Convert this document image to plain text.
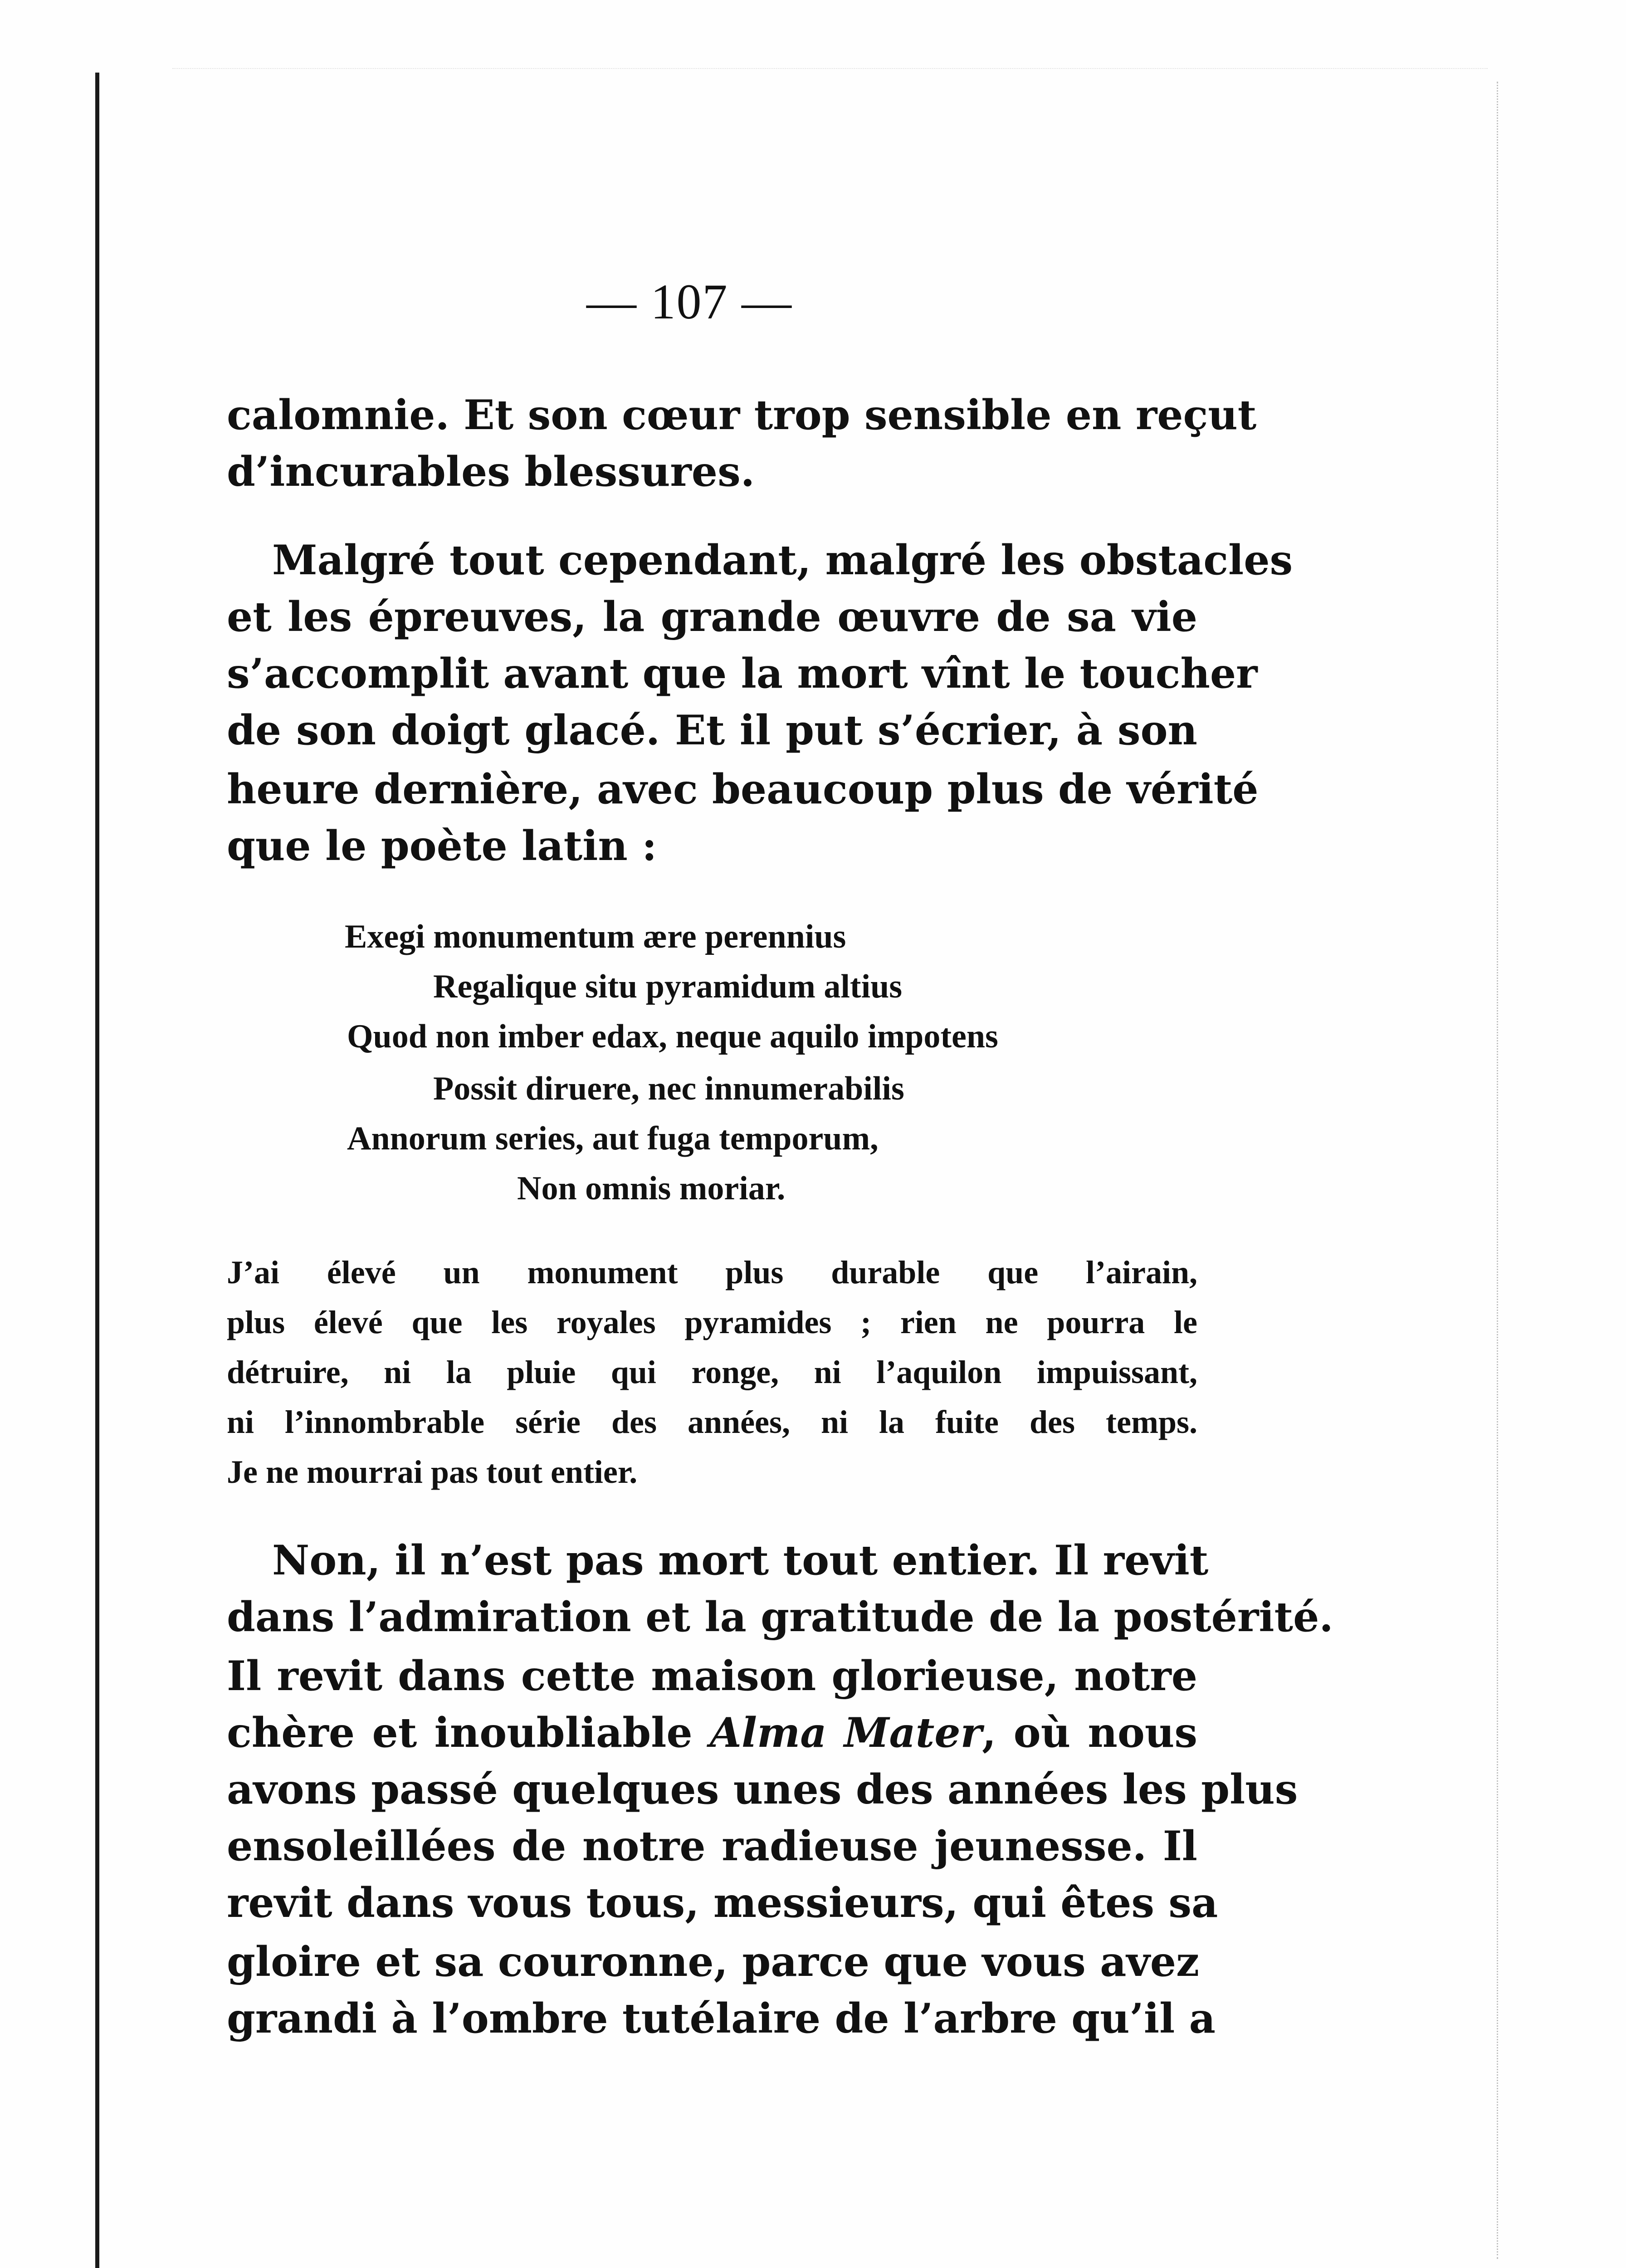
— 107 —
calomnie. Et son cœur trop sensible en reçut
d’incurables blessures.
Malgré tout cependant, malgré les obstacles
et les épreuves, la grande œuvre de sa vie
s’accomplit avant que la mort vînt le toucher
de son doigt glacé. Et il put s’écrier, à son
heure dernière, avec beaucoup plus de vérité
que le poète latin :
Exegi monumentum ære perennius
Regalique situ pyramidum altius
Quod non imber edax, neque aquilo impotens
Possit diruere, nec innumerabilis
Annorum series, aut fuga temporum,
Non omnis moriar.
J’ai élevé un monument plus durable que l’airain,
plus élevé que les royales pyramides ; rien ne pourra le
détruire, ni la pluie qui ronge, ni l’aquilon impuissant,
ni l’innombrable série des années, ni la fuite des temps.
Je ne mourrai pas tout entier.
Non, il n’est pas mort tout entier. Il revit
dans l’admiration et la gratitude de la postérité.
Il revit dans cette maison glorieuse, notre
chère et inoubliable Alma Mater, où nous
avons passé quelques unes des années les plus
ensoleillées de notre radieuse jeunesse. Il
revit dans vous tous, messieurs, qui êtes sa
gloire et sa couronne, parce que vous avez
grandi à l’ombre tutélaire de l’arbre qu’il a
